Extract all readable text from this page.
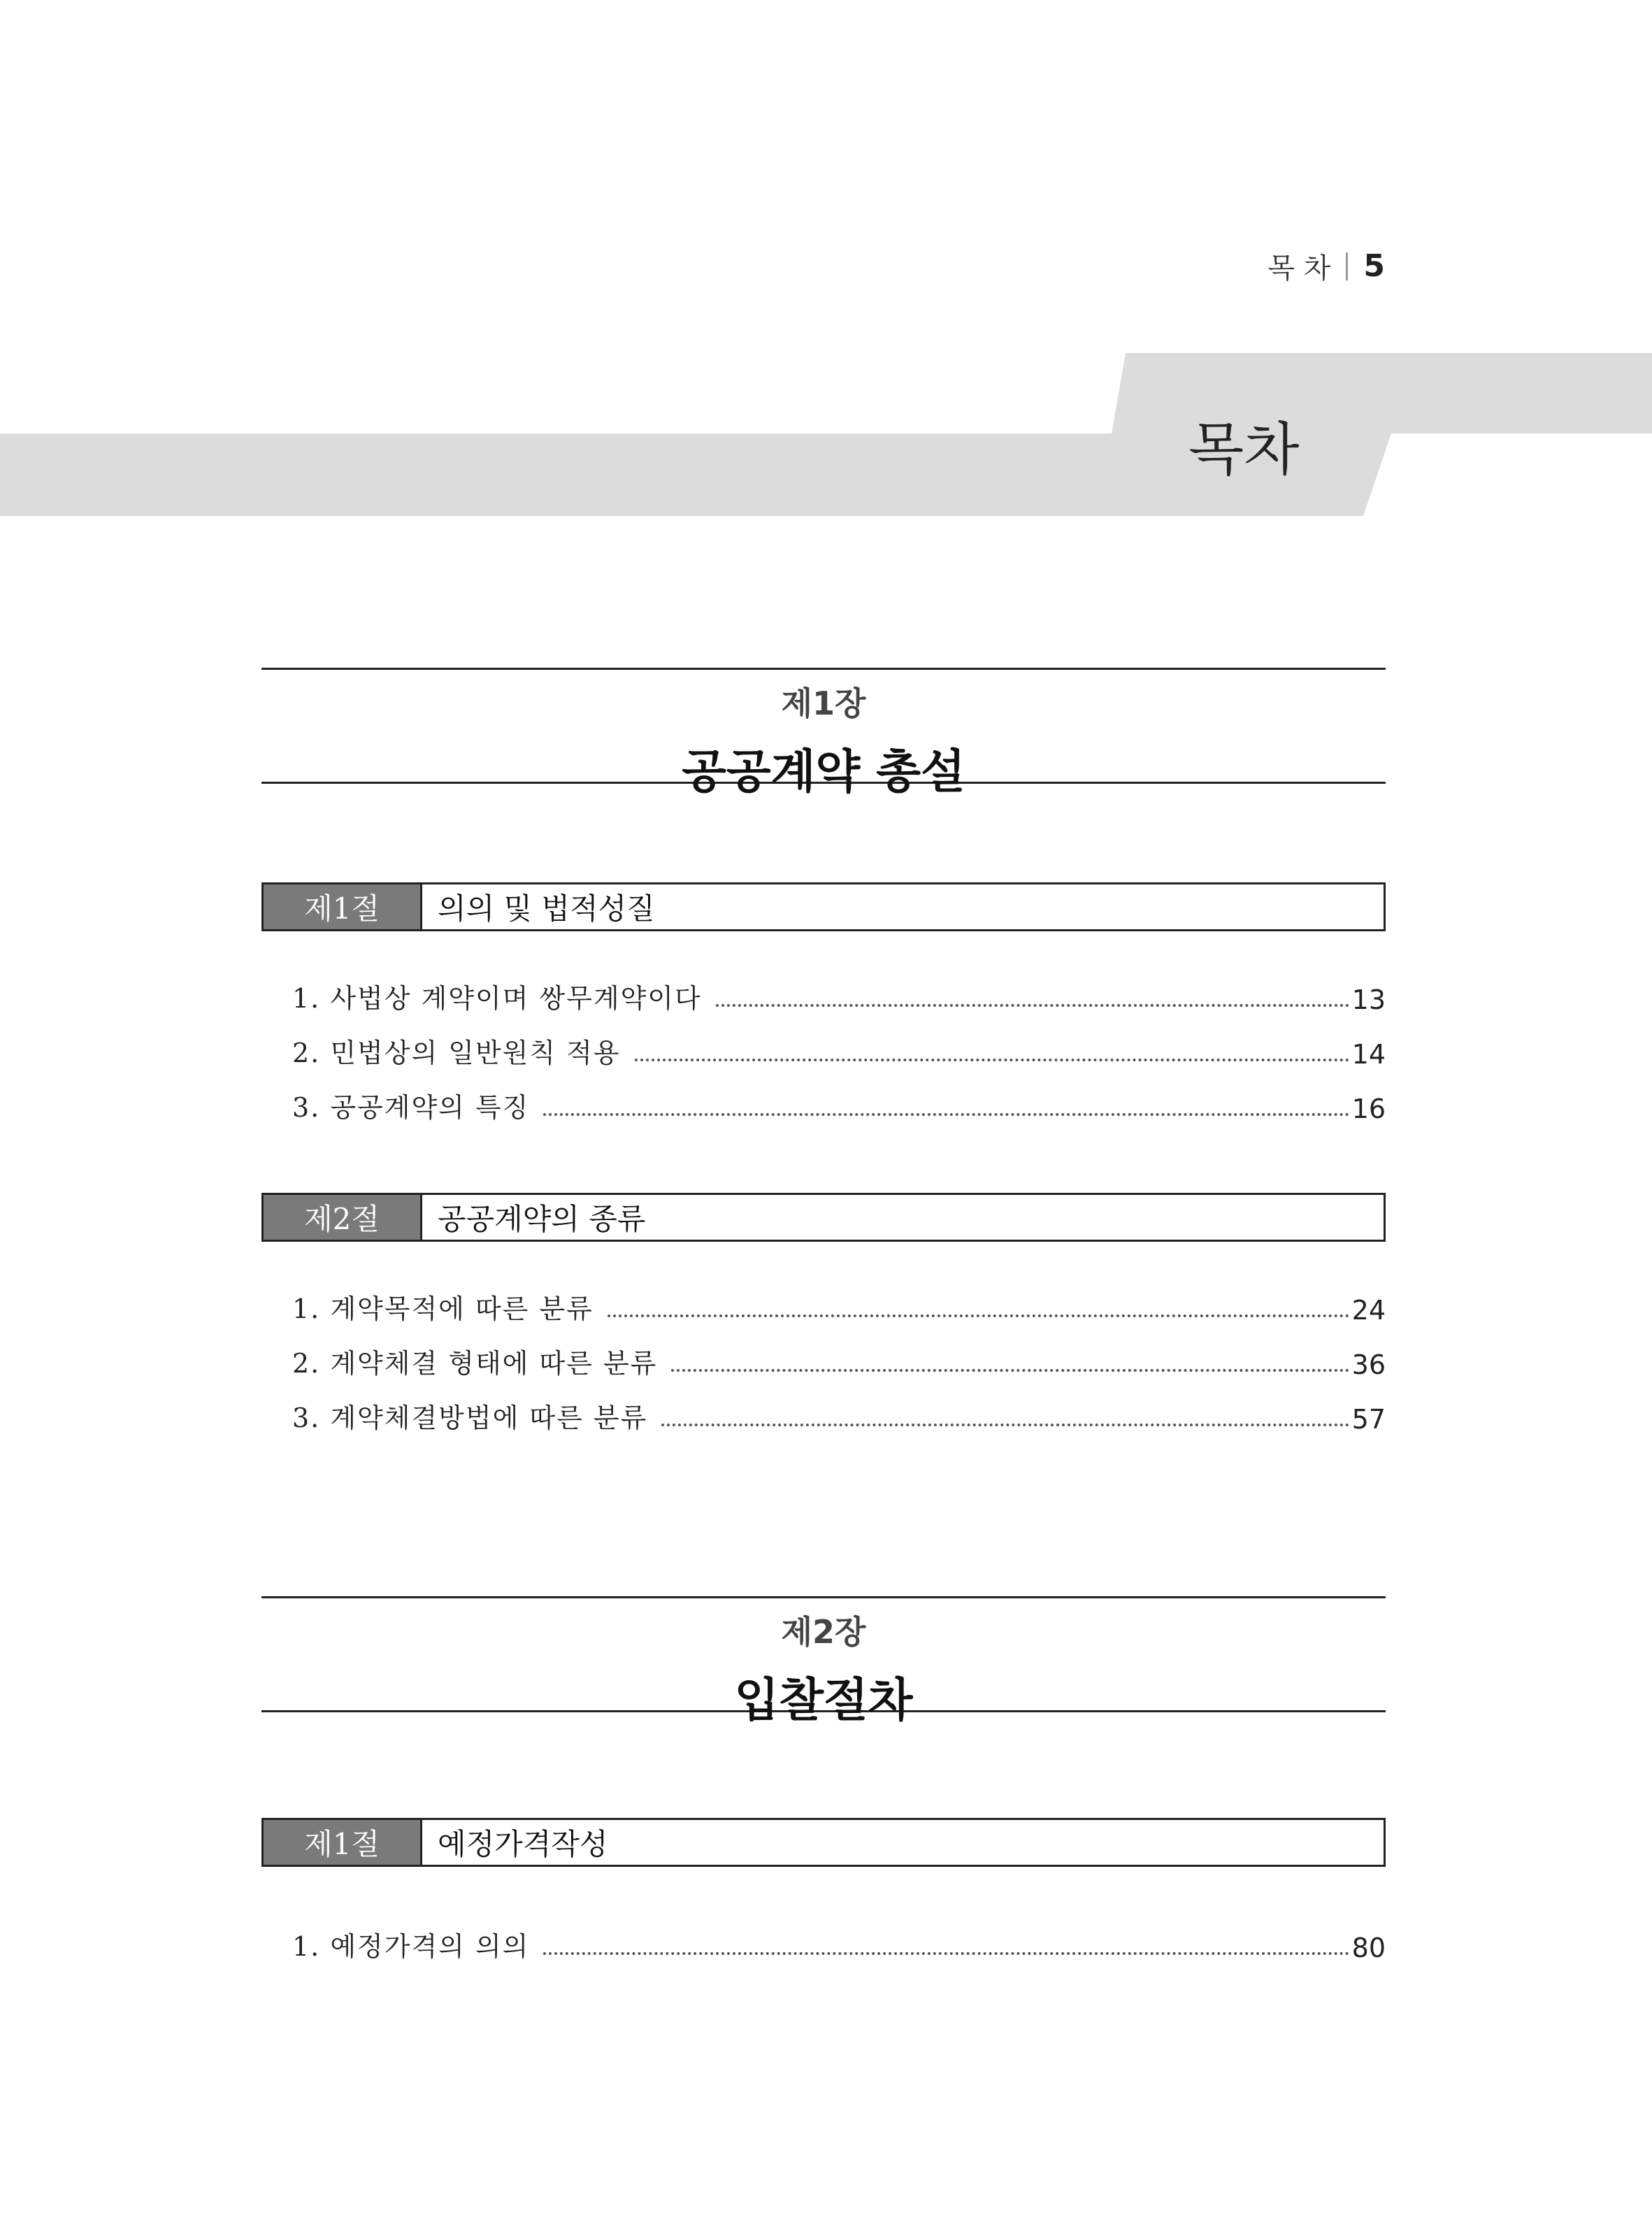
목 차 5
목차
제1장
공공계약 총설
제1절	의의 및 법적성질
1. 사법상 계약이며 쌍무계약이다	13
2. 민법상의 일반원칙 적용	14
3. 공공계약의 특징	16
제2절	공공계약의 종류
1. 계약목적에 따른 분류	24
2. 계약체결 형태에 따른 분류	36
3. 계약체결방법에 따른 분류	57
제2장
입찰절차
제1절	예정가격작성
1. 예정가격의 의의	80
